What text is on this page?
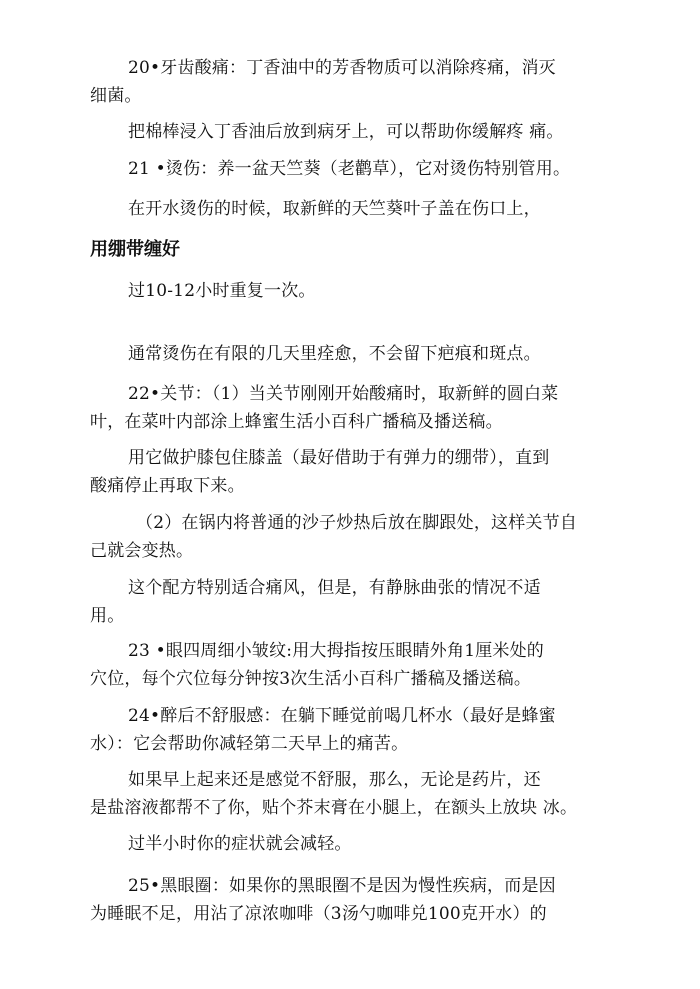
20•牙齿酸痛：丁香油中的芳香物质可以消除疼痛，消灭
细菌。
把棉棒浸入丁香油后放到病牙上，可以帮助你缓解疼 痛。
21 •烫伤：养一盆天竺葵（老鹳草），它对烫伤特别管用。
在开水烫伤的时候，取新鲜的天竺葵叶子盖在伤口上，
用绷带缠好
过10-12小时重复一次。
通常烫伤在有限的几天里痊愈，不会留下疤痕和斑点。
22•关节：（1）当关节刚刚开始酸痛时，取新鲜的圆白菜
叶，在菜叶内部涂上蜂蜜生活小百科广播稿及播送稿。
用它做护膝包住膝盖（最好借助于有弹力的绷带），直到
酸痛停止再取下来。
（2）在锅内将普通的沙子炒热后放在脚跟处，这样关节自
己就会变热。
这个配方特别适合痛风，但是，有静脉曲张的情况不适
用。
23 •眼四周细小皱纹:用大拇指按压眼睛外角1厘米处的
穴位，每个穴位每分钟按3次生活小百科广播稿及播送稿。
24•醉后不舒服感：在躺下睡觉前喝几杯水（最好是蜂蜜
水）：它会帮助你减轻第二天早上的痛苦。
如果早上起来还是感觉不舒服，那么，无论是药片，还
是盐溶液都帮不了你，贴个芥末膏在小腿上，在额头上放块 冰。
过半小时你的症状就会减轻。
25•黑眼圈：如果你的黑眼圈不是因为慢性疾病，而是因
为睡眠不足，用沾了凉浓咖啡（3汤勺咖啡兑100克开水）的
